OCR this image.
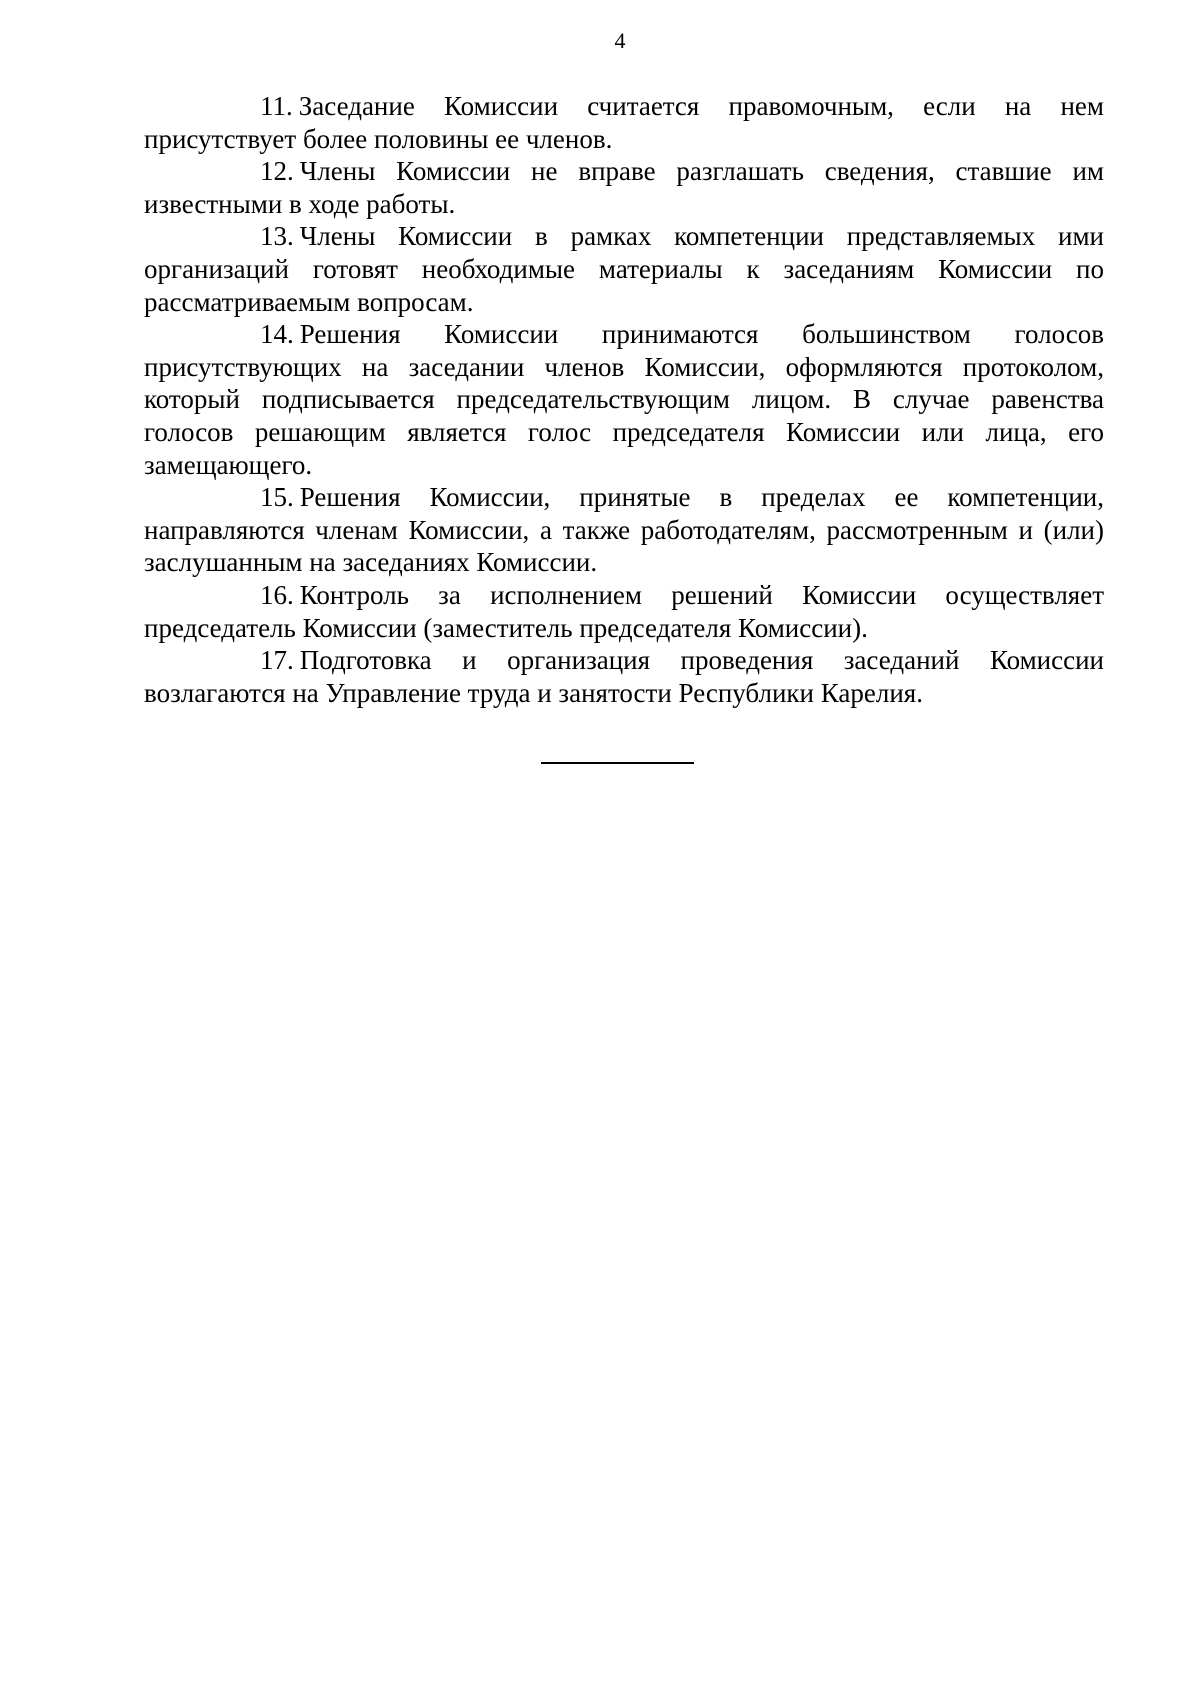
4

11. Заседание Комиссии считается правомочным, если на нем присутствует более половины ее членов.

12. Члены Комиссии не вправе разглашать сведения, ставшие им известными в ходе работы.

13. Члены Комиссии в рамках компетенции представляемых ими организаций готовят необходимые материалы к заседаниям Комиссии по рассматриваемым вопросам.

14. Решения Комиссии принимаются большинством голосов присутствующих на заседании членов Комиссии, оформляются протоколом, который подписывается председательствующим лицом. В случае равенства голосов решающим является голос председателя Комиссии или лица, его замещающего.

15. Решения Комиссии, принятые в пределах ее компетенции, направляются членам Комиссии, а также работодателям, рассмотренным и (или) заслушанным на заседаниях Комиссии.

16. Контроль за исполнением решений Комиссии осуществляет председатель Комиссии (заместитель председателя Комиссии).

17. Подготовка и организация проведения заседаний Комиссии возлагаются на Управление труда и занятости Республики Карелия.
